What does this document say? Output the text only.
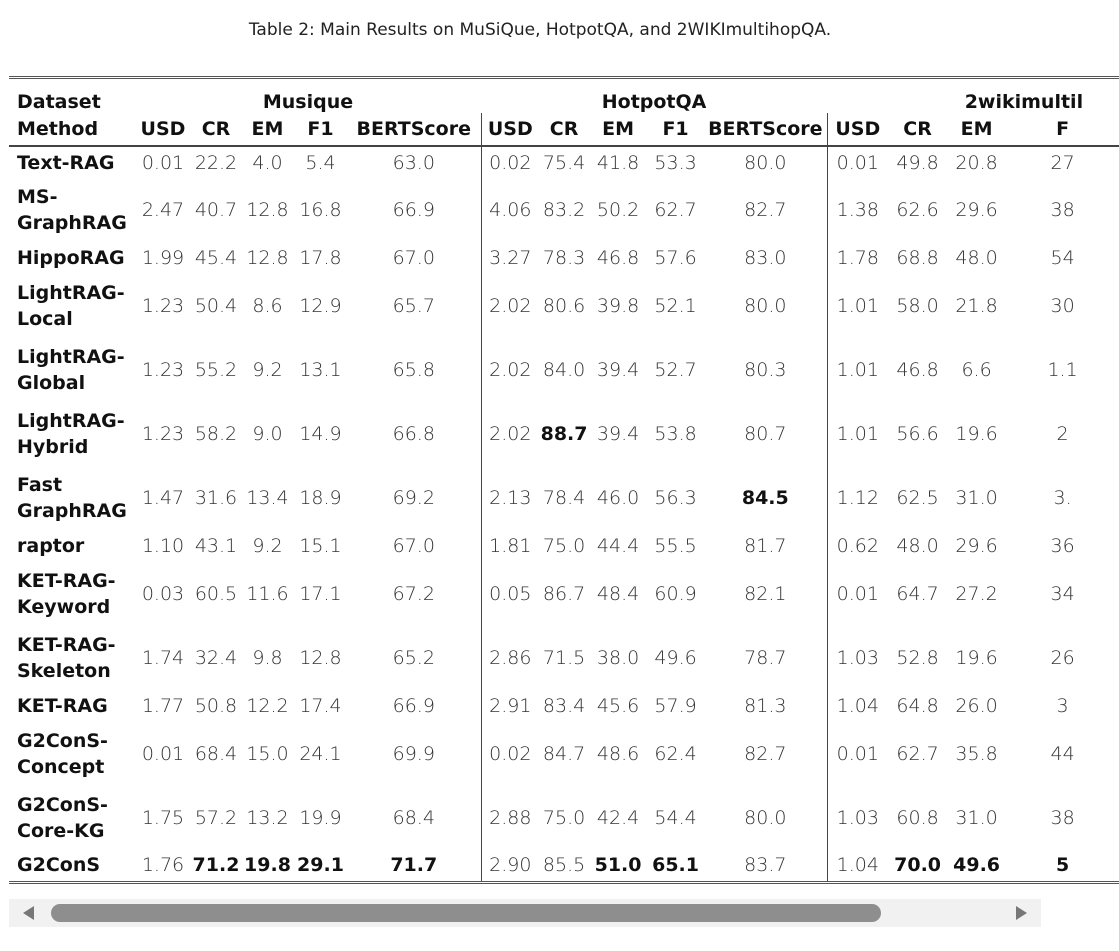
Table 2: Main Results on MuSiQue, HotpotQA, and 2WIKImultihopQA.
Dataset	Musique					HotpotQA					2wikimultil			
Method	USD	CR	EM	F1	BERTScore	USD	CR	EM	F1	BERTScore	USD	CR	EM	F
Text-RAG	0.01	22.2	4.0	5.4	63.0	0.02	75.4	41.8	53.3	80.0	0.01	49.8	20.8	27
MS-
GraphRAG	2.47	40.7	12.8	16.8	66.9	4.06	83.2	50.2	62.7	82.7	1.38	62.6	29.6	38
HippoRAG	1.99	45.4	12.8	17.8	67.0	3.27	78.3	46.8	57.6	83.0	1.78	68.8	48.0	54
LightRAG-
Local	1.23	50.4	8.6	12.9	65.7	2.02	80.6	39.8	52.1	80.0	1.01	58.0	21.8	30
LightRAG-
Global	1.23	55.2	9.2	13.1	65.8	2.02	84.0	39.4	52.7	80.3	1.01	46.8	6.6	1.1
LightRAG-
Hybrid	1.23	58.2	9.0	14.9	66.8	2.02	88.7	39.4	53.8	80.7	1.01	56.6	19.6	2
Fast
GraphRAG	1.47	31.6	13.4	18.9	69.2	2.13	78.4	46.0	56.3	84.5	1.12	62.5	31.0	3.
raptor	1.10	43.1	9.2	15.1	67.0	1.81	75.0	44.4	55.5	81.7	0.62	48.0	29.6	36
KET-RAG-
Keyword	0.03	60.5	11.6	17.1	67.2	0.05	86.7	48.4	60.9	82.1	0.01	64.7	27.2	34
KET-RAG-
Skeleton	1.74	32.4	9.8	12.8	65.2	2.86	71.5	38.0	49.6	78.7	1.03	52.8	19.6	26
KET-RAG	1.77	50.8	12.2	17.4	66.9	2.91	83.4	45.6	57.9	81.3	1.04	64.8	26.0	3
G2ConS-
Concept	0.01	68.4	15.0	24.1	69.9	0.02	84.7	48.6	62.4	82.7	0.01	62.7	35.8	44
G2ConS-
Core-KG	1.75	57.2	13.2	19.9	68.4	2.88	75.0	42.4	54.4	80.0	1.03	60.8	31.0	38
G2ConS	1.76	71.2	19.8	29.1	71.7	2.90	85.5	51.0	65.1	83.7	1.04	70.0	49.6	5
